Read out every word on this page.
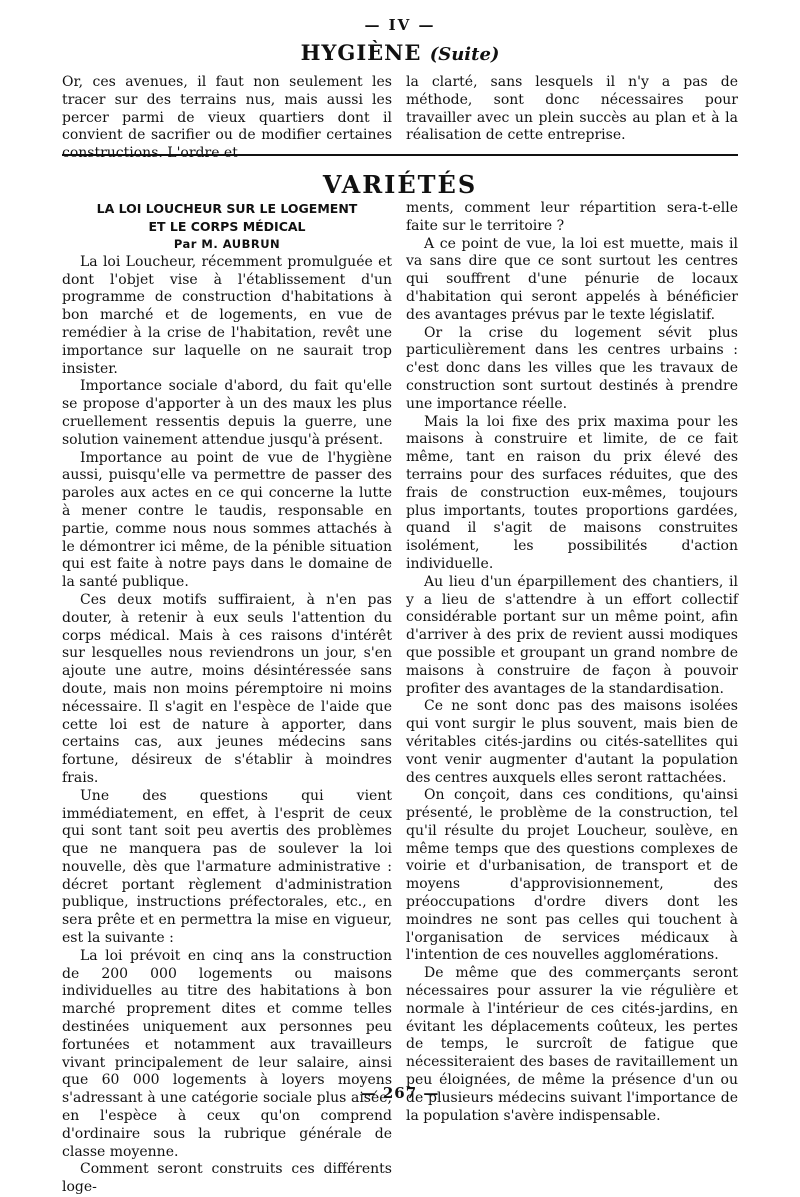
— IV —
HYGIÈNE (Suite)

Or, ces avenues, il faut non seulement les tracer sur des terrains nus, mais aussi les percer parmi de vieux quartiers dont il convient de sacrifier ou de modifier certaines constructions. L'ordre et

la clarté, sans lesquels il n'y a pas de méthode, sont donc nécessaires pour travailler avec un plein succès au plan et à la réalisation de cette entreprise.

VARIÉTÉS

LA LOI LOUCHEUR SUR LE LOGEMENT

ET LE CORPS MÉDICAL

Par M. AUBRUN

La loi Loucheur, récemment promulguée et dont l'objet vise à l'établissement d'un programme de construction d'habitations à bon marché et de logements, en vue de remédier à la crise de l'habitation, revêt une importance sur laquelle on ne saurait trop insister.

Importance sociale d'abord, du fait qu'elle se propose d'apporter à un des maux les plus cruellement ressentis depuis la guerre, une solution vainement attendue jusqu'à présent.

Importance au point de vue de l'hygiène aussi, puisqu'elle va permettre de passer des paroles aux actes en ce qui concerne la lutte à mener contre le taudis, responsable en partie, comme nous nous sommes attachés à le démontrer ici même, de la pénible situation qui est faite à notre pays dans le domaine de la santé publique.

Ces deux motifs suffiraient, à n'en pas douter, à retenir à eux seuls l'attention du corps médical. Mais à ces raisons d'intérêt sur lesquelles nous reviendrons un jour, s'en ajoute une autre, moins désintéressée sans doute, mais non moins péremptoire ni moins nécessaire. Il s'agit en l'espèce de l'aide que cette loi est de nature à apporter, dans certains cas, aux jeunes médecins sans fortune, désireux de s'établir à moindres frais.

Une des questions qui vient immédiatement, en effet, à l'esprit de ceux qui sont tant soit peu avertis des problèmes que ne manquera pas de soulever la loi nouvelle, dès que l'armature administrative : décret portant règlement d'administration publique, instructions préfectorales, etc., en sera prête et en permettra la mise en vigueur, est la suivante :

La loi prévoit en cinq ans la construction de 200 000 logements ou maisons individuelles au titre des habitations à bon marché proprement dites et comme telles destinées uniquement aux personnes peu fortunées et notamment aux travailleurs vivant principalement de leur salaire, ainsi que 60 000 logements à loyers moyens s'adressant à une catégorie sociale plus aisée, en l'espèce à ceux qu'on comprend d'ordinaire sous la rubrique générale de classe moyenne.

Comment seront construits ces différents loge-

ments, comment leur répartition sera-t-elle faite sur le territoire ?

A ce point de vue, la loi est muette, mais il va sans dire que ce sont surtout les centres qui souffrent d'une pénurie de locaux d'habitation qui seront appelés à bénéficier des avantages prévus par le texte législatif.

Or la crise du logement sévit plus particulièrement dans les centres urbains : c'est donc dans les villes que les travaux de construction sont surtout destinés à prendre une importance réelle.

Mais la loi fixe des prix maxima pour les maisons à construire et limite, de ce fait même, tant en raison du prix élevé des terrains pour des surfaces réduites, que des frais de construction eux-mêmes, toujours plus importants, toutes proportions gardées, quand il s'agit de maisons construites isolément, les possibilités d'action individuelle.

Au lieu d'un éparpillement des chantiers, il y a lieu de s'attendre à un effort collectif considérable portant sur un même point, afin d'arriver à des prix de revient aussi modiques que possible et groupant un grand nombre de maisons à construire de façon à pouvoir profiter des avantages de la standardisation.

Ce ne sont donc pas des maisons isolées qui vont surgir le plus souvent, mais bien de véritables cités-jardins ou cités-satellites qui vont venir augmenter d'autant la population des centres auxquels elles seront rattachées.

On conçoit, dans ces conditions, qu'ainsi présenté, le problème de la construction, tel qu'il résulte du projet Loucheur, soulève, en même temps que des questions complexes de voirie et d'urbanisation, de transport et de moyens d'approvisionnement, des préoccupations d'ordre divers dont les moindres ne sont pas celles qui touchent à l'organisation de services médicaux à l'intention de ces nouvelles agglomérations.

De même que des commerçants seront nécessaires pour assurer la vie régulière et normale à l'intérieur de ces cités-jardins, en évitant les déplacements coûteux, les pertes de temps, le surcroît de fatigue que nécessiteraient des bases de ravitaillement un peu éloignées, de même la présence d'un ou de plusieurs médecins suivant l'importance de la population s'avère indispensable.

— 267 —
